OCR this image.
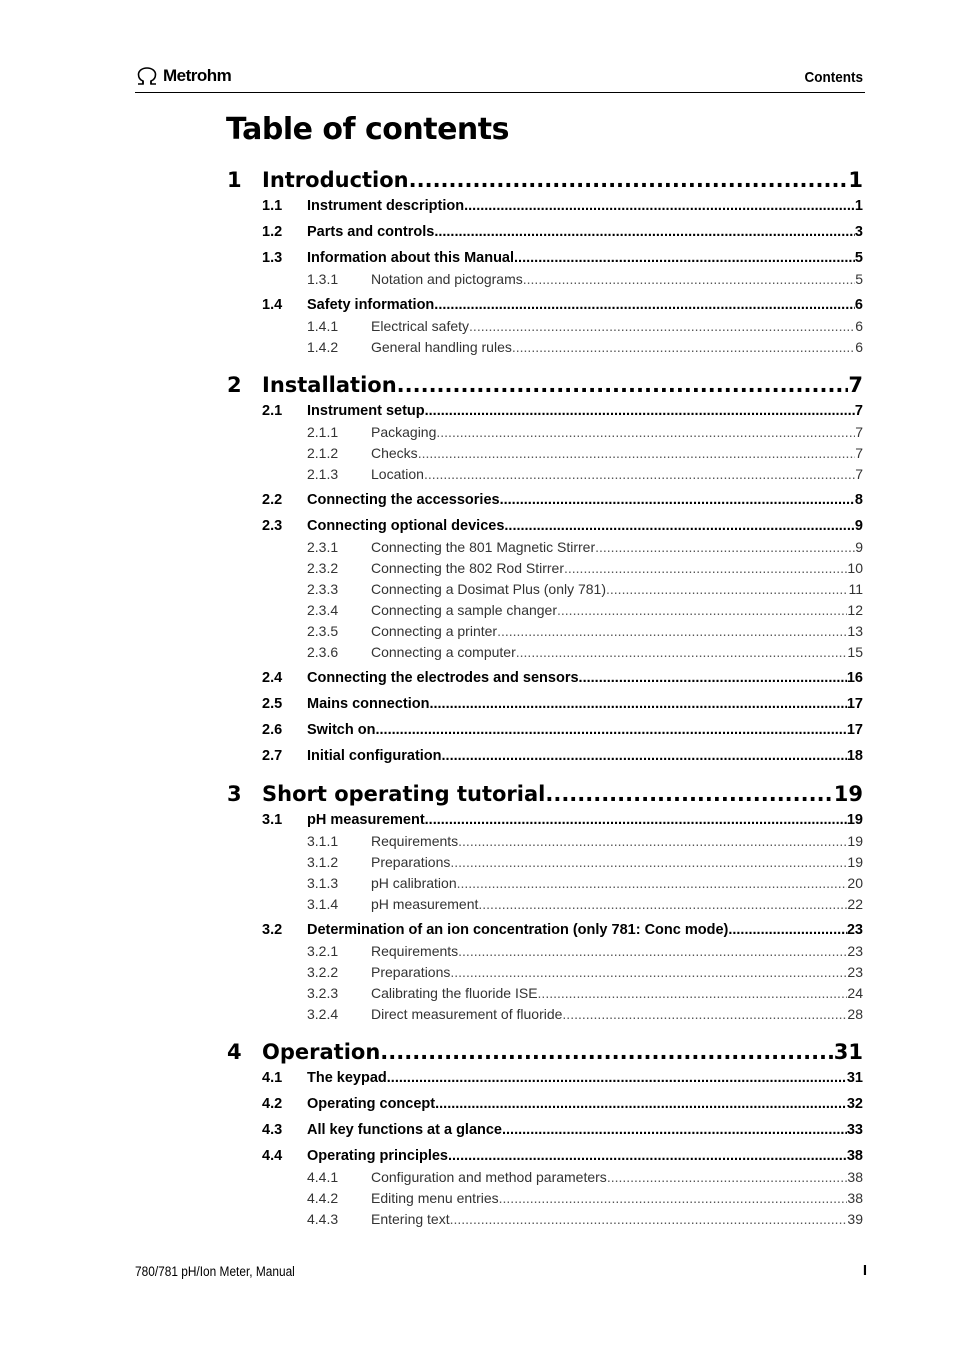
Metrohm	Contents
Table of contents
1 Introduction .....	1
1.1	Instrument description .....	1
1.2	Parts and controls .....	3
1.3	Information about this Manual .....	5
1.3.1	Notation and pictograms .....	5
1.4	Safety information .....	6
1.4.1	Electrical safety .....	6
1.4.2	General handling rules .....	6
2 Installation .....	7
2.1	Instrument setup .....	7
2.1.1	Packaging .....	7
2.1.2	Checks .....	7
2.1.3	Location .....	7
2.2	Connecting the accessories .....	8
2.3	Connecting optional devices .....	9
2.3.1	Connecting the 801 Magnetic Stirrer .....	9
2.3.2	Connecting the 802 Rod Stirrer .....	10
2.3.3	Connecting a Dosimat Plus (only 781) .....	11
2.3.4	Connecting a sample changer .....	12
2.3.5	Connecting a printer .....	13
2.3.6	Connecting a computer .....	15
2.4	Connecting the electrodes and sensors .....	16
2.5	Mains connection .....	17
2.6	Switch on .....	17
2.7	Initial configuration .....	18
3 Short operating tutorial .....	19
3.1	pH measurement .....	19
3.1.1	Requirements .....	19
3.1.2	Preparations .....	19
3.1.3	pH calibration .....	20
3.1.4	pH measurement .....	22
3.2	Determination of an ion concentration (only 781: Conc mode) .....	23
3.2.1	Requirements .....	23
3.2.2	Preparations .....	23
3.2.3	Calibrating the fluoride ISE .....	24
3.2.4	Direct measurement of fluoride .....	28
4 Operation .....	31
4.1	The keypad .....	31
4.2	Operating concept .....	32
4.3	All key functions at a glance .....	33
4.4	Operating principles .....	38
4.4.1	Configuration and method parameters .....	38
4.4.2	Editing menu entries .....	38
4.4.3	Entering text .....	39
780/781 pH/Ion Meter, Manual	I
